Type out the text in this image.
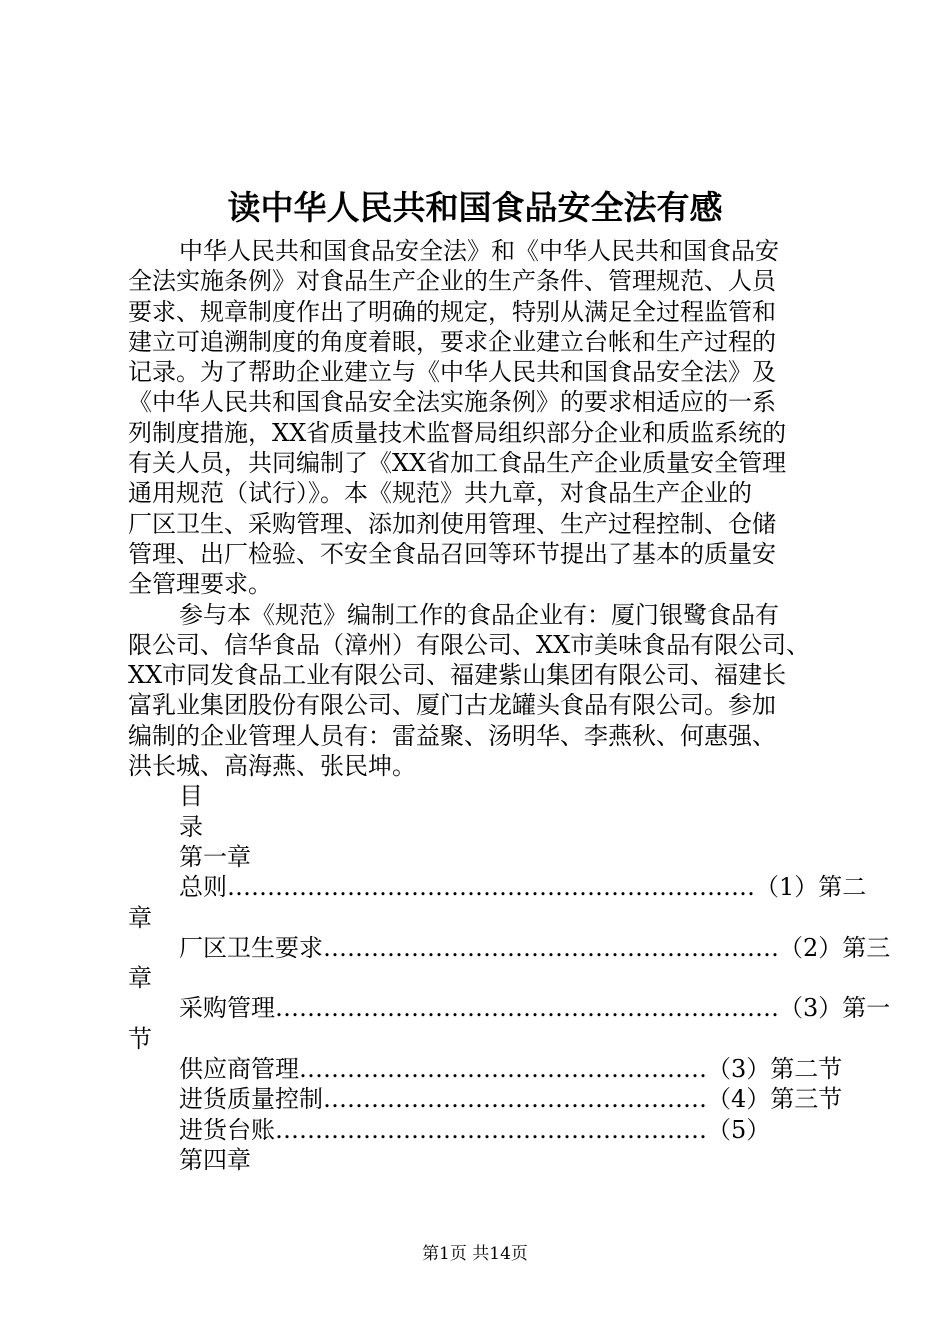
读中华人民共和国食品安全法有感
中华人民共和国食品安全法》和《中华人民共和国食品安
全法实施条例》对食品生产企业的生产条件、管理规范、人员
要求、规章制度作出了明确的规定，特别从满足全过程监管和
建立可追溯制度的角度着眼，要求企业建立台帐和生产过程的
记录。为了帮助企业建立与《中华人民共和国食品安全法》及
《中华人民共和国食品安全法实施条例》的要求相适应的一系
列制度措施，XX省质量技术监督局组织部分企业和质监系统的
有关人员，共同编制了《XX省加工食品生产企业质量安全管理
通用规范（试行）》。本《规范》共九章，对食品生产企业的
厂区卫生、采购管理、添加剂使用管理、生产过程控制、仓储
管理、出厂检验、不安全食品召回等环节提出了基本的质量安
全管理要求。
参与本《规范》编制工作的食品企业有：厦门银鹭食品有
限公司、信华食品（漳州）有限公司、XX市美味食品有限公司、
XX市同发食品工业有限公司、福建紫山集团有限公司、福建长
富乳业集团股份有限公司、厦门古龙罐头食品有限公司。参加
编制的企业管理人员有：雷益聚、汤明华、李燕秋、何惠强、
洪长城、高海燕、张民坤。
目
录
第一章
总则…………………………………………………………（1）第二
章
厂区卫生要求…………………………………………………（2）第三
章
采购管理………………………………………………………（3）第一
节
供应商管理……………………………………………（3）第二节
进货质量控制…………………………………………（4）第三节
进货台账………………………………………………（5）
第四章
第1页 共14页
